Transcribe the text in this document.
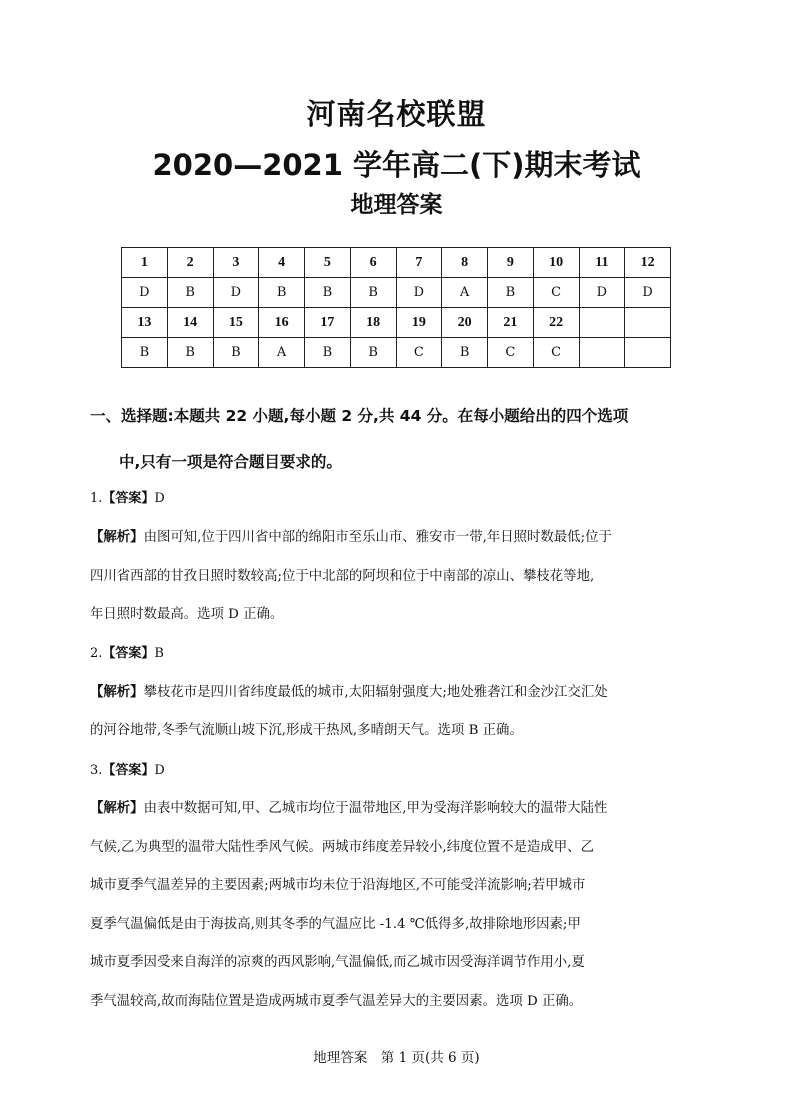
河南名校联盟
2020—2021 学年高二(下)期末考试
地理答案
1	2	3	4	5	6	7	8	9	10	11	12
D	B	D	B	B	B	D	A	B	C	D	D
13	14	15	16	17	18	19	20	21	22		
B	B	B	A	B	B	C	B	C	C		
一、选择题:本题共 22 小题,每小题 2 分,共 44 分。在每小题给出的四个选项
中,只有一项是符合题目要求的。
1.【答案】D
【解析】由图可知,位于四川省中部的绵阳市至乐山市、雅安市一带,年日照时数最低;位于
四川省西部的甘孜日照时数较高;位于中北部的阿坝和位于中南部的凉山、攀枝花等地,
年日照时数最高。选项 D 正确。
2.【答案】B
【解析】攀枝花市是四川省纬度最低的城市,太阳辐射强度大;地处雅砻江和金沙江交汇处
的河谷地带,冬季气流顺山坡下沉,形成干热风,多晴朗天气。选项 B 正确。
3.【答案】D
【解析】由表中数据可知,甲、乙城市均位于温带地区,甲为受海洋影响较大的温带大陆性
气候,乙为典型的温带大陆性季风气候。两城市纬度差异较小,纬度位置不是造成甲、乙
城市夏季气温差异的主要因素;两城市均未位于沿海地区,不可能受洋流影响;若甲城市
夏季气温偏低是由于海拔高,则其冬季的气温应比 -1.4 ℃低得多,故排除地形因素;甲
城市夏季因受来自海洋的凉爽的西风影响,气温偏低,而乙城市因受海洋调节作用小,夏
季气温较高,故而海陆位置是造成两城市夏季气温差异大的主要因素。选项 D 正确。
地理答案　第 1 页(共 6 页)
